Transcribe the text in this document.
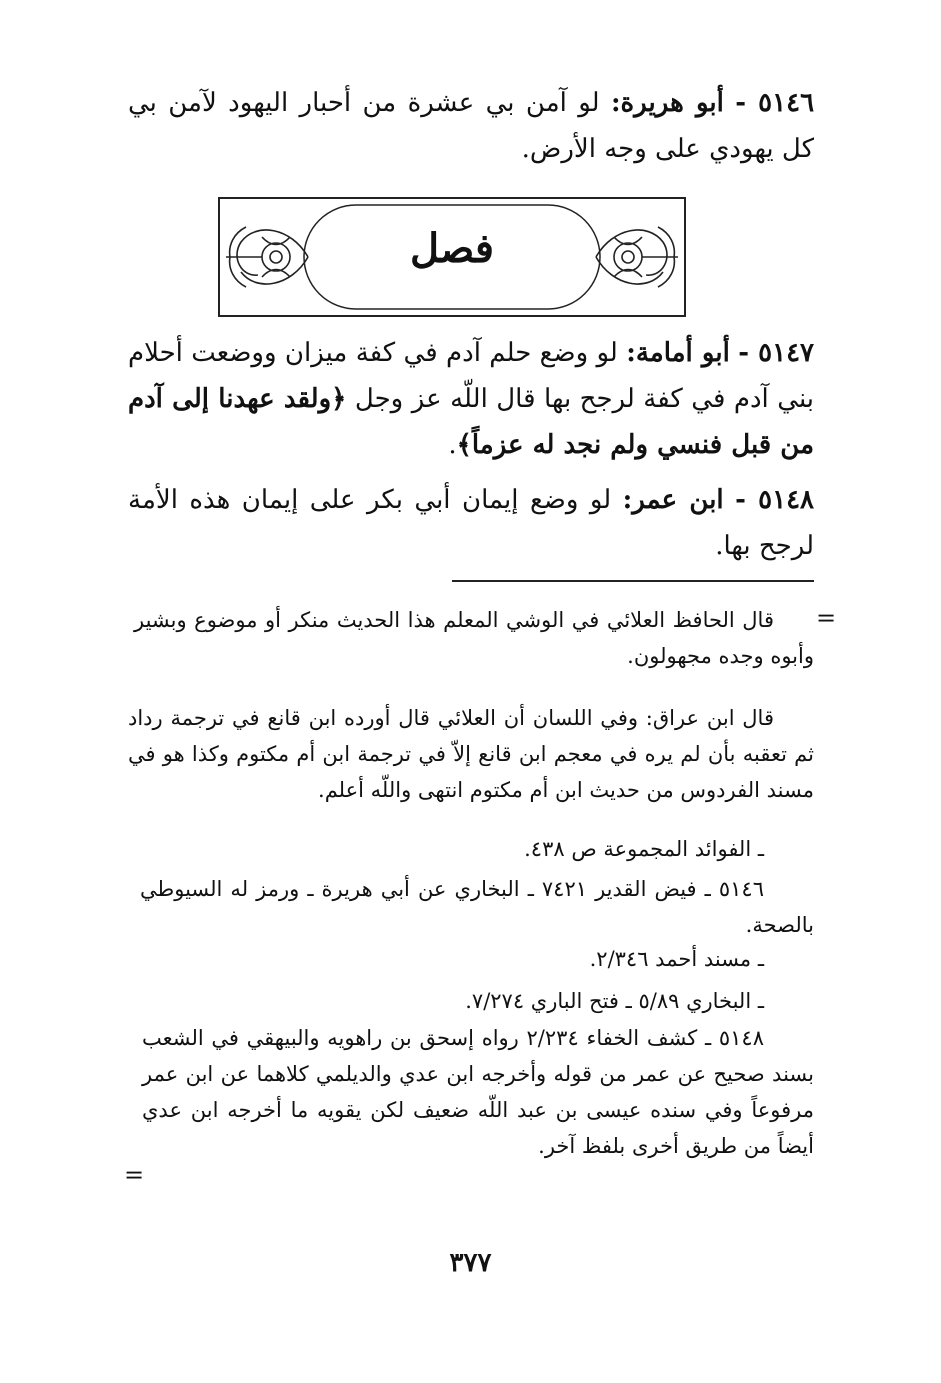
٥١٤٦ - أبو هريرة: لو آمن بي عشرة من أحبار اليهود لآمن بي كل يهودي على وجه الأرض.
فصل
٥١٤٧ - أبو أمامة: لو وضع حلم آدم في كفة ميزان ووضعت أحلام بني آدم في كفة لرجح بها قال اللّه عز وجل ﴿ولقد عهدنا إلى آدم من قبل فنسي ولم نجد له عزماً﴾.
٥١٤٨ - ابن عمر: لو وضع إيمان أبي بكر على إيمان هذه الأمة لرجح بها.
=
=
قال الحافظ العلائي في الوشي المعلم هذا الحديث منكر أو موضوع وبشير وأبوه وجده مجهولون.
قال ابن عراق: وفي اللسان أن العلائي قال أورده ابن قانع في ترجمة رداد ثم تعقبه بأن لم يره في معجم ابن قانع إلاّ في ترجمة ابن أم مكتوم وكذا هو في مسند الفردوس من حديث ابن أم مكتوم انتهى واللّه أعلم.
ـ الفوائد المجموعة ص ٤٣٨.
٥١٤٦ ـ فيض القدير ٧٤٢١ ـ البخاري عن أبي هريرة ـ ورمز له السيوطي بالصحة.
ـ مسند أحمد ٢/٣٤٦.
ـ البخاري ٥/٨٩ ـ فتح الباري ٧/٢٧٤.
٥١٤٨ ـ كشف الخفاء ٢/٢٣٤ رواه إسحق بن راهويه والبيهقي في الشعب بسند صحيح عن عمر من قوله وأخرجه ابن عدي والديلمي كلاهما عن ابن عمر مرفوعاً وفي سنده عيسى بن عبد اللّه ضعيف لكن يقويه ما أخرجه ابن عدي أيضاً من طريق أخرى بلفظ آخر.
٣٧٧
